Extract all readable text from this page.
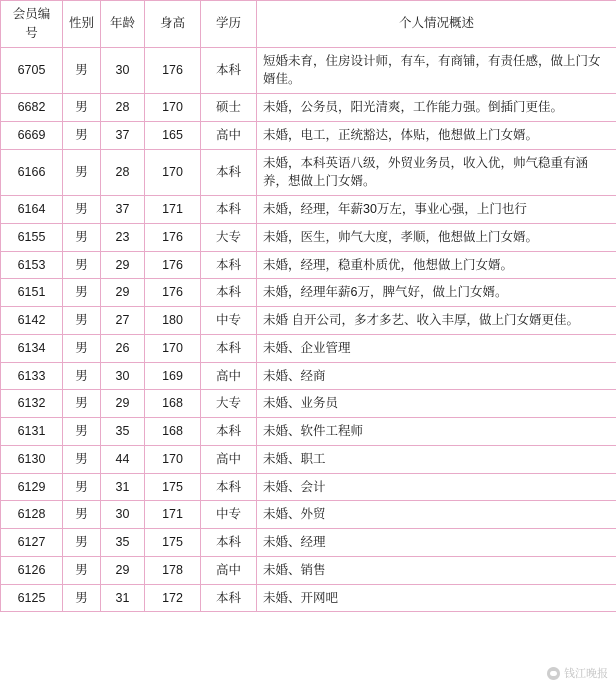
会员编号	性别	年龄	身高	学历	个人情况概述
6705	男	30	176	本科	短婚未育，住房设计师，有车，有商铺，有责任感，做上门女婿佳。
6682	男	28	170	硕士	未婚，公务员，阳光清爽，工作能力强。倒插门更佳。
6669	男	37	165	高中	未婚，电工，正统豁达，体贴，他想做上门女婿。
6166	男	28	170	本科	未婚，本科英语八级，外贸业务员，收入优，帅气稳重有涵养，想做上门女婿。
6164	男	37	171	本科	未婚，经理，年薪30万左，事业心强，上门也行
6155	男	23	176	大专	未婚，医生，帅气大度，孝顺，他想做上门女婿。
6153	男	29	176	本科	未婚，经理，稳重朴质优，他想做上门女婿。
6151	男	29	176	本科	未婚，经理年薪6万，脾气好，做上门女婿。
6142	男	27	180	中专	未婚 自开公司，多才多艺、收入丰厚，做上门女婿更佳。
6134	男	26	170	本科	未婚、企业管理
6133	男	30	169	高中	未婚、经商
6132	男	29	168	大专	未婚、业务员
6131	男	35	168	本科	未婚、软件工程师
6130	男	44	170	高中	未婚、职工
6129	男	31	175	本科	未婚、会计
6128	男	30	171	中专	未婚、外贸
6127	男	35	175	本科	未婚、经理
6126	男	29	178	高中	未婚、销售
6125	男	31	172	本科	未婚、开网吧
钱江晚报
